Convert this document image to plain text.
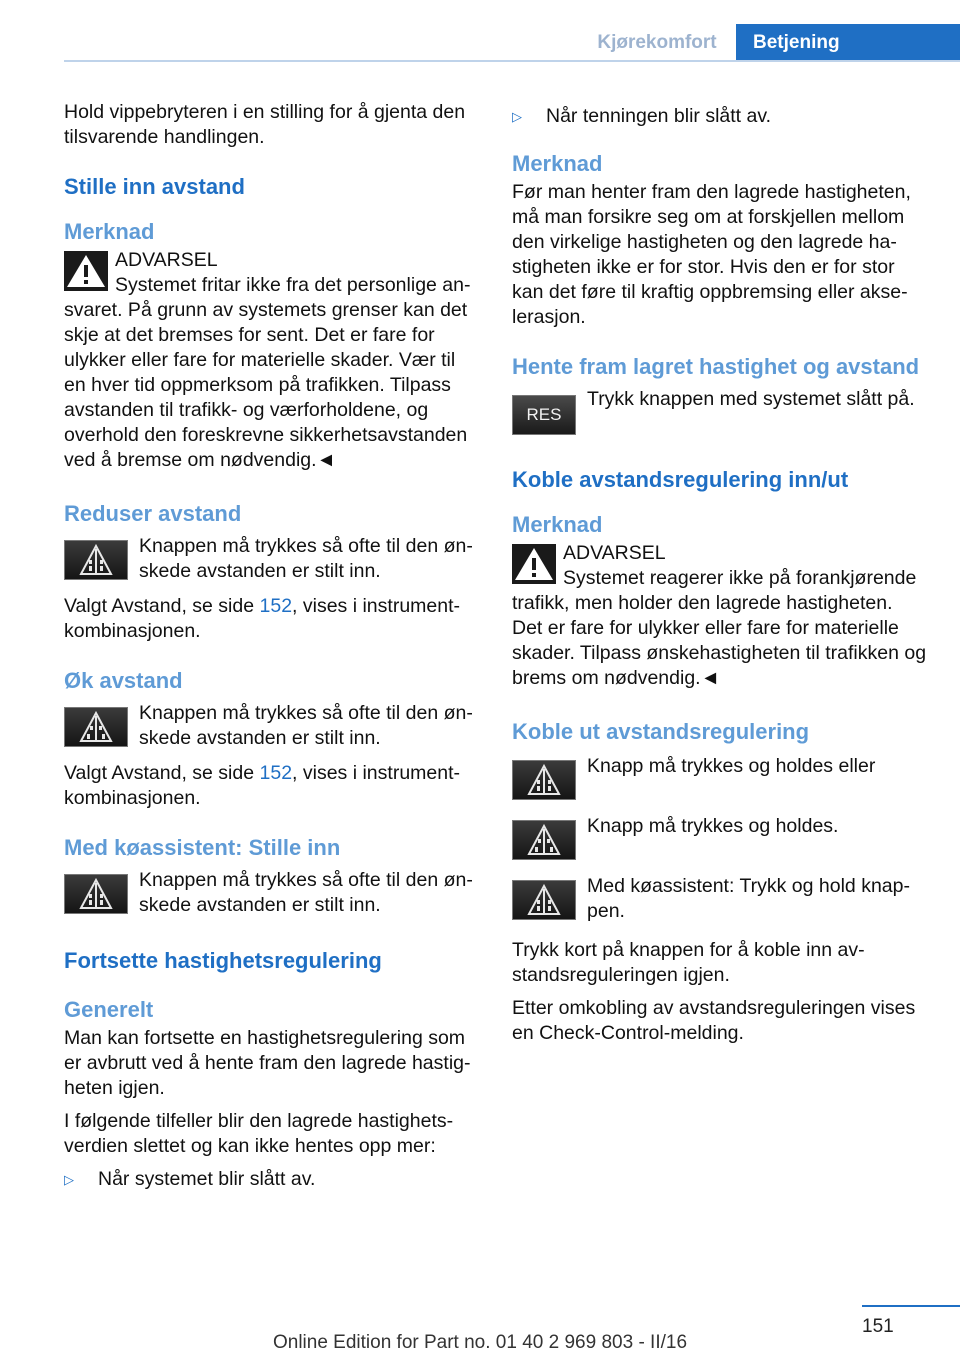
Kjørekomfort	Betjening

Hold vippebryteren i en stilling for å gjenta den tilsvarende handlingen.

Stille inn avstand
Merknad
ADVARSEL
Systemet fritar ikke fra det personlige an-
svaret. På grunn av systemets grenser kan det skje at det bremses for sent. Det er fare for ulykker eller fare for materielle skader. Vær til en hver tid oppmerksom på trafikken. Tilpass avstanden til trafikk- og værforholdene, og overhold den foreskrevne sikkerhetsavstanden ved å bremse om nødvendig.◄
Reduser avstand
Knappen må trykkes så ofte til den øn-skede avstanden er stilt inn.

Valgt Avstand, se side 152, vises i instrument-kombinasjonen.

Øk avstand
Knappen må trykkes så ofte til den øn-skede avstanden er stilt inn.

Valgt Avstand, se side 152, vises i instrument-kombinasjonen.

Med køassistent: Stille inn
Knappen må trykkes så ofte til den øn-skede avstanden er stilt inn.
Fortsette hastighetsregulering
Generelt

Man kan fortsette en hastighetsregulering som er avbrutt ved å hente fram den lagrede hastig-heten igjen.

I følgende tilfeller blir den lagrede hastighets-verdien slettet og kan ikke hentes opp mer:

▷ Når systemet blir slått av.
▷ Når tenningen blir slått av.
Merknad

Før man henter fram den lagrede hastigheten, må man forsikre seg om at forskjellen mellom den virkelige hastigheten og den lagrede ha-stigheten ikke er for stor. Hvis den er for stor kan det føre til kraftig oppbremsing eller akse-lerasjon.

Hente fram lagret hastighet og avstand
RES
Trykk knappen med systemet slått på.
Koble avstandsregulering inn/ut
Merknad
ADVARSEL
Systemet reagerer ikke på forankjørende
trafikk, men holder den lagrede hastigheten. Det er fare for ulykker eller fare for materielle skader. Tilpass ønskehastigheten til trafikken og brems om nødvendig.◄
Koble ut avstandsregulering
Knapp må trykkes og holdes eller
Knapp må trykkes og holdes.
Med køassistent: Trykk og hold knap-pen.

Trykk kort på knappen for å koble inn av-standsreguleringen igjen.

Etter omkobling av avstandsreguleringen vises en Check-Control-melding.

151
Online Edition for Part no. 01 40 2 969 803 - II/16
